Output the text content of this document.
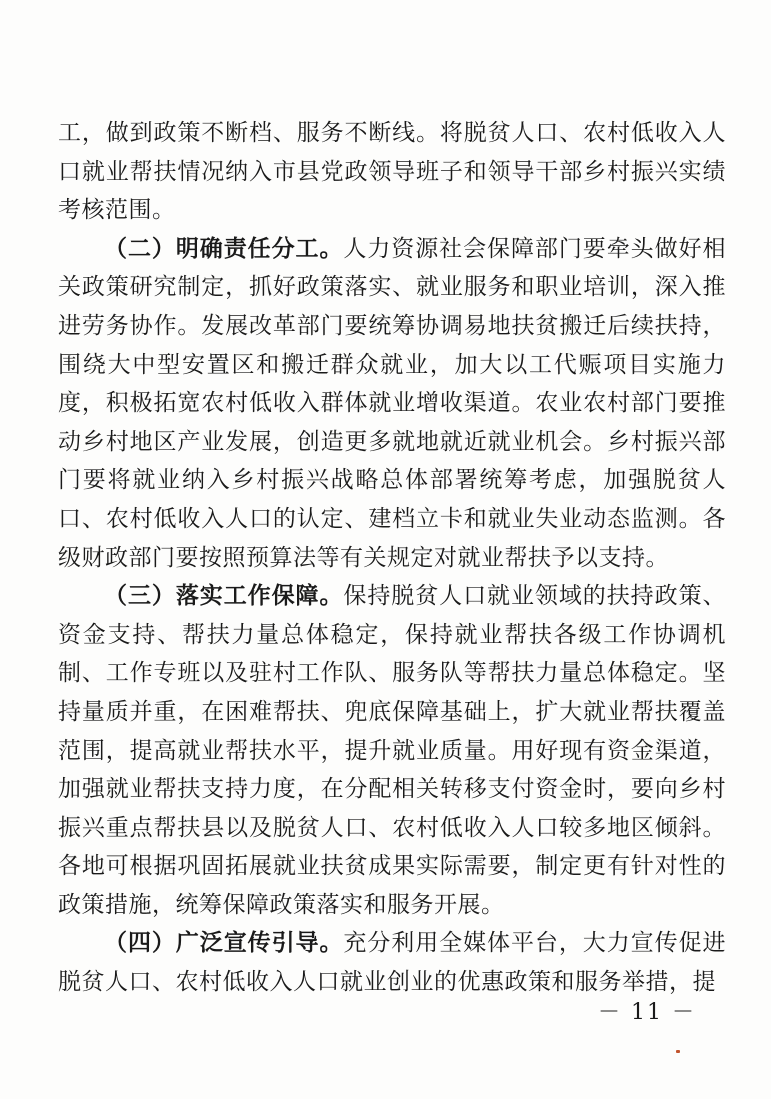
工，做到政策不断档、服务不断线。将脱贫人口、农村低收入人口就业帮扶情况纳入市县党政领导班子和领导干部乡村振兴实绩考核范围。

（二）明确责任分工。人力资源社会保障部门要牵头做好相关政策研究制定，抓好政策落实、就业服务和职业培训，深入推进劳务协作。发展改革部门要统筹协调易地扶贫搬迁后续扶持，围绕大中型安置区和搬迁群众就业，加大以工代赈项目实施力度，积极拓宽农村低收入群体就业增收渠道。农业农村部门要推动乡村地区产业发展，创造更多就地就近就业机会。乡村振兴部门要将就业纳入乡村振兴战略总体部署统筹考虑，加强脱贫人口、农村低收入人口的认定、建档立卡和就业失业动态监测。各级财政部门要按照预算法等有关规定对就业帮扶予以支持。

（三）落实工作保障。保持脱贫人口就业领域的扶持政策、资金支持、帮扶力量总体稳定，保持就业帮扶各级工作协调机制、工作专班以及驻村工作队、服务队等帮扶力量总体稳定。坚持量质并重，在困难帮扶、兜底保障基础上，扩大就业帮扶覆盖范围，提高就业帮扶水平，提升就业质量。用好现有资金渠道，加强就业帮扶支持力度，在分配相关转移支付资金时，要向乡村振兴重点帮扶县以及脱贫人口、农村低收入人口较多地区倾斜。各地可根据巩固拓展就业扶贫成果实际需要，制定更有针对性的政策措施，统筹保障政策落实和服务开展。

（四）广泛宣传引导。充分利用全媒体平台，大力宣传促进脱贫人口、农村低收入人口就业创业的优惠政策和服务举措，提

－ 11 －
